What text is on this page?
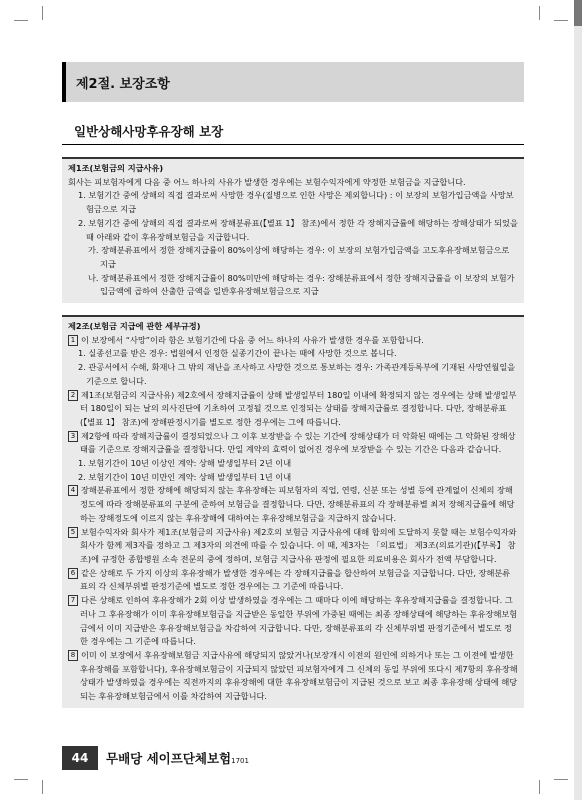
제2절. 보장조항
일반상해사망후유장해 보장

제1조(보험금의 지급사유)

회사는 피보험자에게 다음 중 어느 하나의 사유가 발생한 경우에는 보험수익자에게 약정한 보험금을 지급합니다.

1. 보험기간 중에 상해의 직접 결과로써 사망한 경우(질병으로 인한 사망은 제외합니다) : 이 보장의 보험가입금액을 사망보험금으로 지급

2. 보험기간 중에 상해의 직접 결과로써 장해분류표(【별표 1】 참조)에서 정한 각 장해지급률에 해당하는 장해상태가 되었을 때 아래와 같이 후유장해보험금을 지급합니다.

가. 장해분류표에서 정한 장해지급률이 80%이상에 해당하는 경우: 이 보장의 보험가입금액을 고도후유장해보험금으로 지급

나. 장해분류표에서 정한 장해지급률이 80%미만에 해당하는 경우: 장해분류표에서 정한 장해지급률을 이 보장의 보험가입금액에 곱하여 산출한 금액을 일반후유장해보험금으로 지급

제2조(보험금 지급에 관한 세부규정)

1 이 보장에서 “사망”이라 함은 보험기간에 다음 중 어느 하나의 사유가 발생한 경우를 포함합니다.

1. 실종선고를 받은 경우: 법원에서 인정한 실종기간이 끝나는 때에 사망한 것으로 봅니다.

2. 관공서에서 수해, 화재나 그 밖의 재난을 조사하고 사망한 것으로 통보하는 경우: 가족관계등록부에 기재된 사망연월일을 기준으로 합니다.

2 제1조(보험금의 지급사유) 제2호에서 장해지급률이 상해 발생일부터 180일 이내에 확정되지 않는 경우에는 상해 발생일부터 180일이 되는 날의 의사진단에 기초하여 고정될 것으로 인정되는 상태를 장해지급률로 결정합니다. 다만, 장해분류표(【별표 1】 참조)에 장해판정시기를 별도로 정한 경우에는 그에 따릅니다.

3 제2항에 따라 장해지급률이 결정되었으나 그 이후 보장받을 수 있는 기간에 장해상태가 더 악화된 때에는 그 악화된 장해상태를 기준으로 장해지급률을 결정합니다. 만일 계약의 효력이 없어진 경우에 보장받을 수 있는 기간은 다음과 같습니다.

1. 보험기간이 10년 이상인 계약: 상해 발생일부터 2년 이내

2. 보험기간이 10년 미만인 계약: 상해 발생일부터 1년 이내

4 장해분류표에서 정한 장해에 해당되지 않는 후유장해는 피보험자의 직업, 연령, 신분 또는 성별 등에 관계없이 신체의 장해정도에 따라 장해분류표의 구분에 준하여 보험금을 결정합니다. 다만, 장해분류표의 각 장해분류별 최저 장해지급률에 해당하는 장해정도에 이르지 않는 후유장해에 대하여는 후유장해보험금을 지급하지 않습니다.

5 보험수익자와 회사가 제1조(보험금의 지급사유) 제2호의 보험금 지급사유에 대해 합의에 도달하지 못할 때는 보험수익자와 회사가 함께 제3자를 정하고 그 제3자의 의견에 따를 수 있습니다. 이 때, 제3자는 「의료법」 제3조(의료기관)(【부록】 참조)에 규정한 종합병원 소속 전문의 중에 정하며, 보험금 지급사유 판정에 필요한 의료비용은 회사가 전액 부담합니다.

6 같은 상해로 두 가지 이상의 후유장해가 발생한 경우에는 각 장해지급률을 합산하여 보험금을 지급합니다. 다만, 장해분류표의 각 신체부위별 판정기준에 별도로 정한 경우에는 그 기준에 따릅니다.

7 다른 상해로 인하여 후유장해가 2회 이상 발생하였을 경우에는 그 때마다 이에 해당하는 후유장해지급률을 결정합니다. 그러나 그 후유장해가 이미 후유장해보험금을 지급받은 동일한 부위에 가중된 때에는 최종 장해상태에 해당하는 후유장해보험금에서 이미 지급받은 후유장해보험금을 차감하여 지급합니다. 다만, 장해분류표의 각 신체부위별 판정기준에서 별도로 정한 경우에는 그 기준에 따릅니다.

8 이미 이 보장에서 후유장해보험금 지급사유에 해당되지 않았거나(보장개시 이전의 원인에 의하거나 또는 그 이전에 발생한 후유장해를 포함합니다), 후유장해보험금이 지급되지 않았던 피보험자에게 그 신체의 동일 부위에 또다시 제7항의 후유장해상태가 발생하였을 경우에는 직전까지의 후유장해에 대한 후유장해보험금이 지급된 것으로 보고 최종 후유장해 상태에 해당되는 후유장해보험금에서 이를 차감하여 지급합니다.

44	무배당 세이프단체보험1701
